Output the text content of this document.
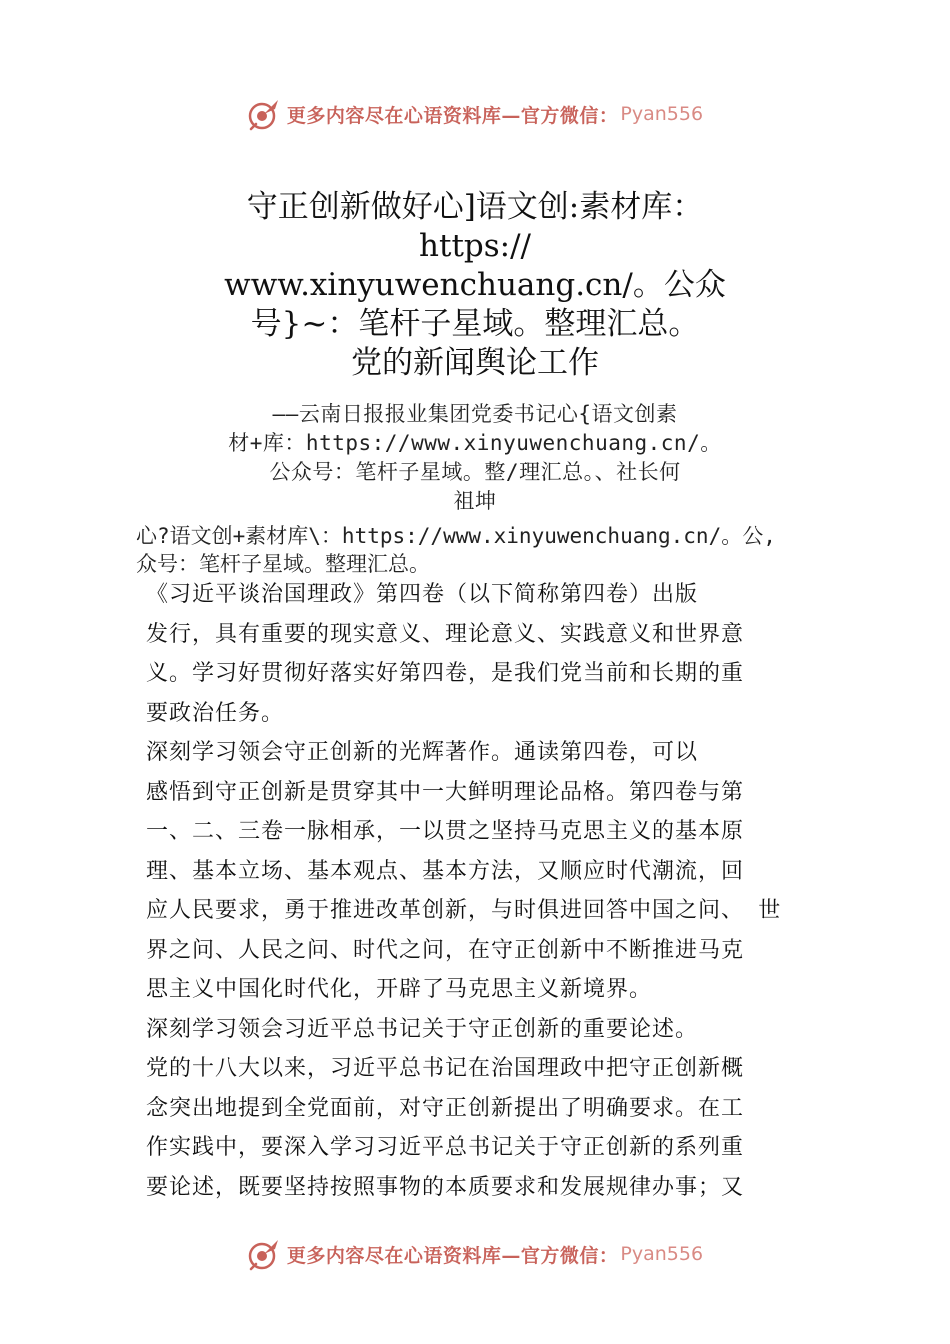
更多内容尽在心语资料库—官方微信： Pyan556
守正创新做好心]语文创:素材库：
https://
www.xinyuwenchuang.cn/。公众
号}~：笔杆子星域。整理汇总。
党的新闻舆论工作
——云南日报报业集团党委书记心{语文创素
材+库：https://www.xinyuwenchuang.cn/。
公众号：笔杆子星域。整/理汇总。、社长何
祖坤
心?语文创+素材库\：https://www.xinyuwenchuang.cn/。公,
众号：笔杆子星域。整理汇总。
《习近平谈治国理政》第四卷（以下简称第四卷）出版
发行，具有重要的现实意义、理论意义、实践意义和世界意
义。学习好贯彻好落实好第四卷，是我们党当前和长期的重
要政治任务。
深刻学习领会守正创新的光辉著作。通读第四卷，可以
感悟到守正创新是贯穿其中一大鲜明理论品格。第四卷与第
一、二、三卷一脉相承，一以贯之坚持马克思主义的基本原
理、基本立场、基本观点、基本方法，又顺应时代潮流，回
应人民要求，勇于推进改革创新，与时俱进回答中国之问、 世
界之问、人民之问、时代之问，在守正创新中不断推进马克
思主义中国化时代化，开辟了马克思主义新境界。
深刻学习领会习近平总书记关于守正创新的重要论述。
党的十八大以来，习近平总书记在治国理政中把守正创新概
念突出地提到全党面前，对守正创新提出了明确要求。在工
作实践中，要深入学习习近平总书记关于守正创新的系列重
要论述，既要坚持按照事物的本质要求和发展规律办事；又
更多内容尽在心语资料库—官方微信： Pyan556
